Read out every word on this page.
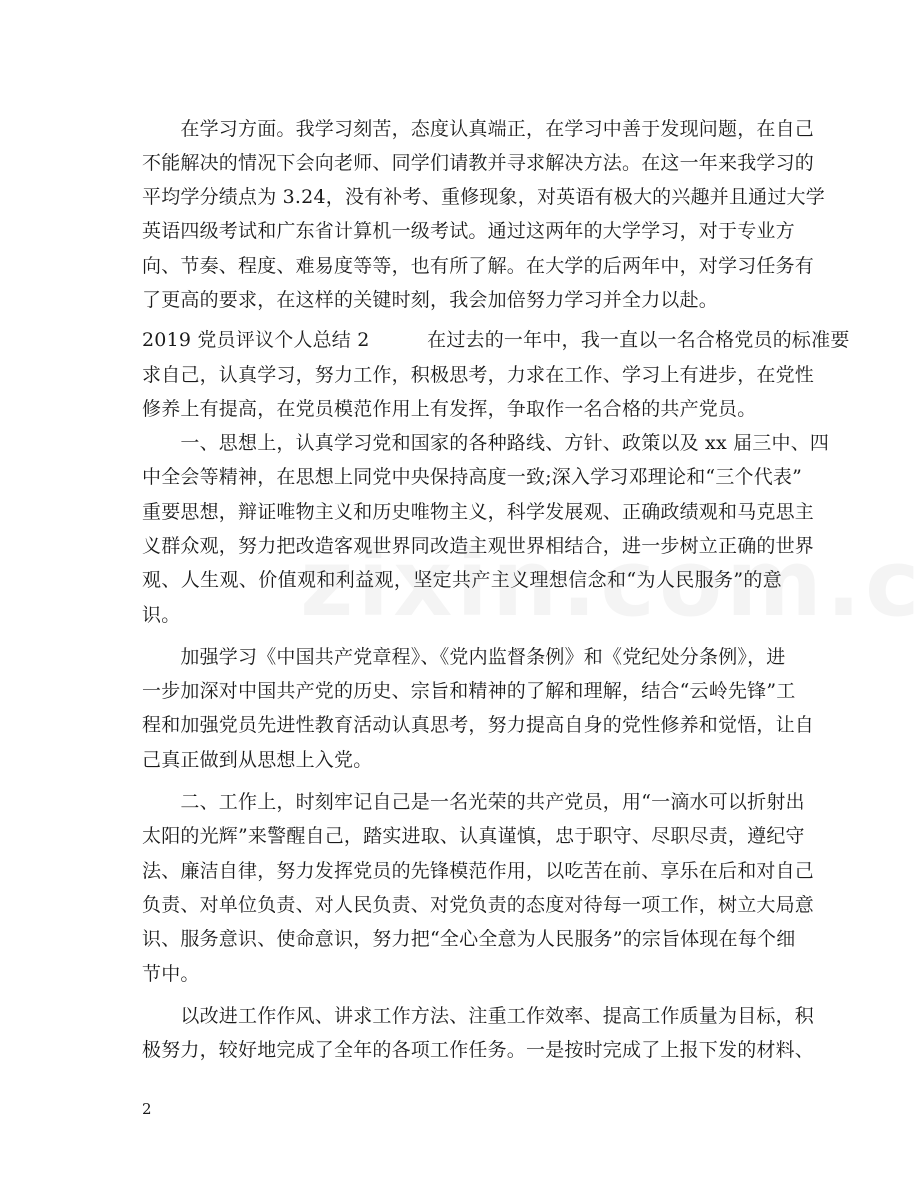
　　在学习方面。我学习刻苦，态度认真端正，在学习中善于发现问题，在自己
不能解决的情况下会向老师、同学们请教并寻求解决方法。在这一年来我学习的
平均学分绩点为 3.24，没有补考、重修现象，对英语有极大的兴趣并且通过大学
英语四级考试和广东省计算机一级考试。通过这两年的大学学习，对于专业方
向、节奏、程度、难易度等等，也有所了解。在大学的后两年中，对学习任务有
了更高的要求，在这样的关键时刻，我会加倍努力学习并全力以赴。
2019 党员评议个人总结 2　　　在过去的一年中，我一直以一名合格党员的标准要
求自己，认真学习，努力工作，积极思考，力求在工作、学习上有进步，在党性
修养上有提高，在党员模范作用上有发挥，争取作一名合格的共产党员。
　　一、思想上，认真学习党和国家的各种路线、方针、政策以及 xx 届三中、四
中全会等精神，在思想上同党中央保持高度一致;深入学习邓理论和“三个代表”
重要思想，辩证唯物主义和历史唯物主义，科学发展观、正确政绩观和马克思主
义群众观，努力把改造客观世界同改造主观世界相结合，进一步树立正确的世界
观、人生观、价值观和利益观，坚定共产主义理想信念和“为人民服务”的意
识。
　　加强学习《中国共产党章程》、《党内监督条例》和《党纪处分条例》，进
一步加深对中国共产党的历史、宗旨和精神的了解和理解，结合“云岭先锋”工
程和加强党员先进性教育活动认真思考，努力提高自身的党性修养和觉悟，让自
己真正做到从思想上入党。
　　二、工作上，时刻牢记自己是一名光荣的共产党员，用“一滴水可以折射出
太阳的光辉”来警醒自己，踏实进取、认真谨慎，忠于职守、尽职尽责，遵纪守
法、廉洁自律，努力发挥党员的先锋模范作用，以吃苦在前、享乐在后和对自己
负责、对单位负责、对人民负责、对党负责的态度对待每一项工作，树立大局意
识、服务意识、使命意识，努力把“全心全意为人民服务”的宗旨体现在每个细
节中。
　　以改进工作作风、讲求工作方法、注重工作效率、提高工作质量为目标，积
极努力，较好地完成了全年的各项工作任务。一是按时完成了上报下发的材料、
2
